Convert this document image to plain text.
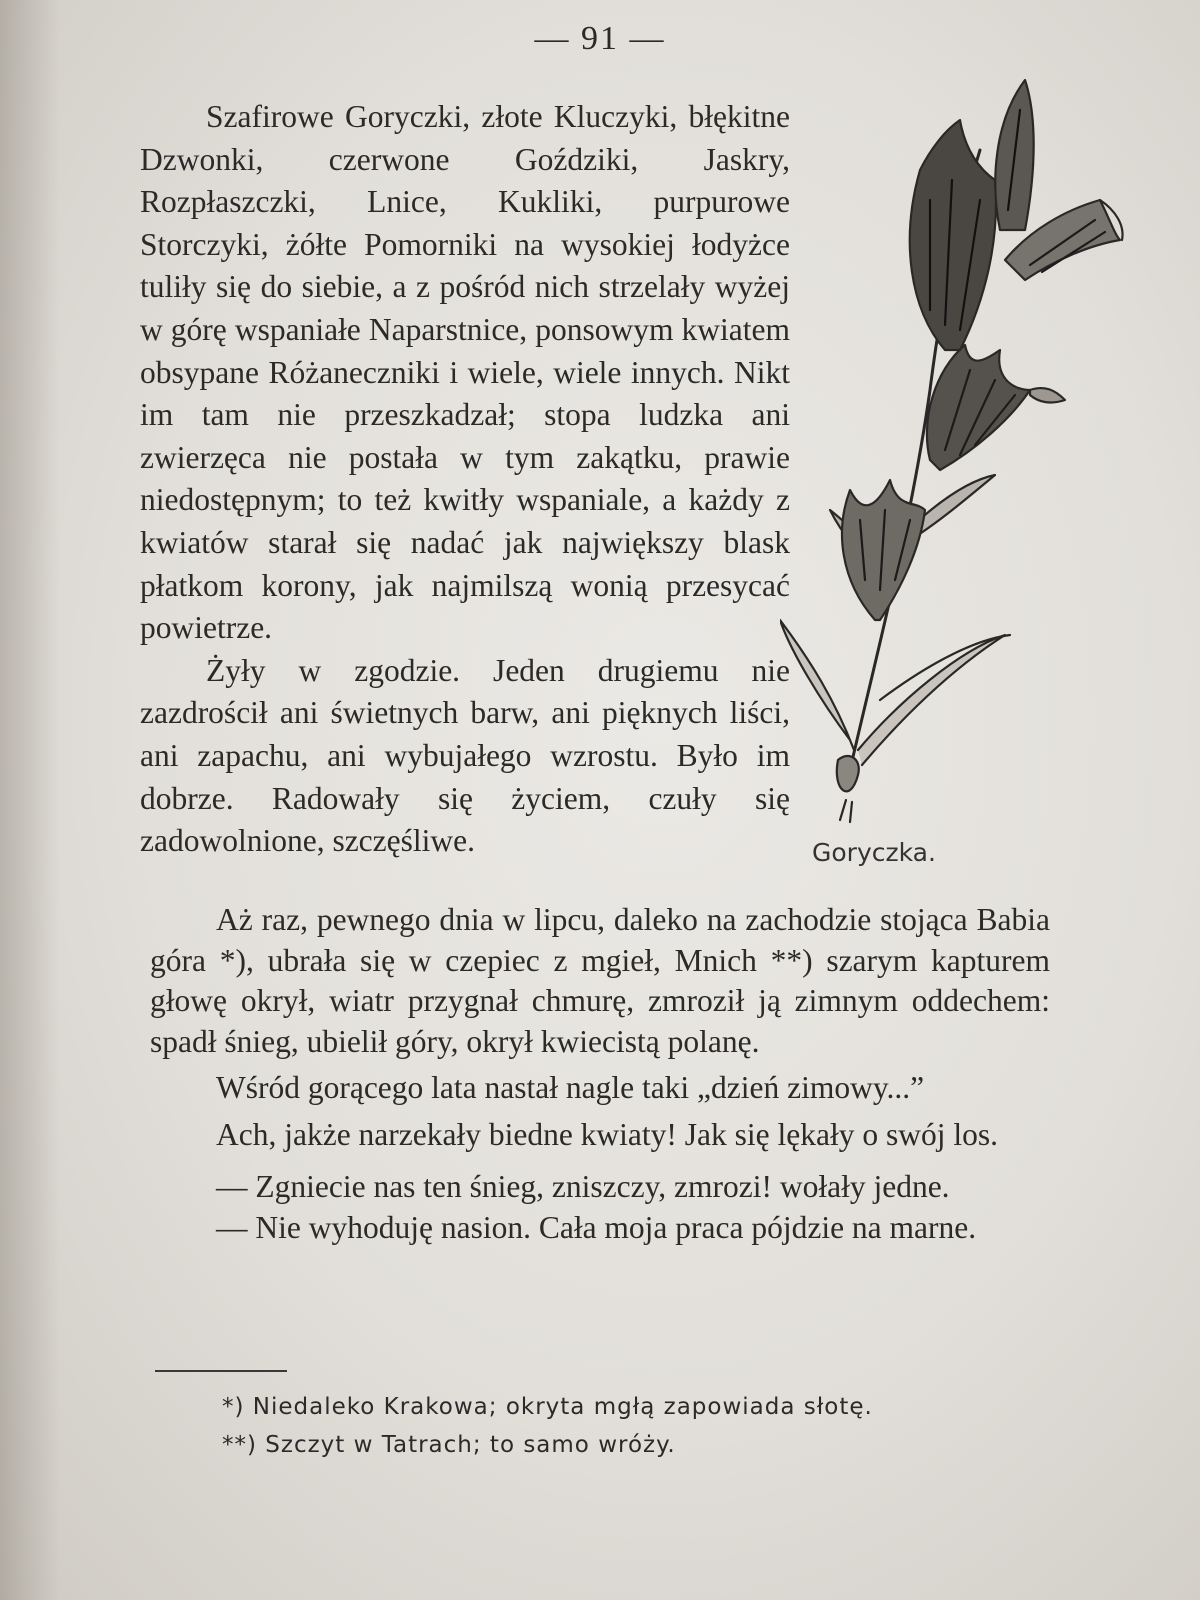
— 91 —

Szafirowe Goryczki, złote Kluczyki, błękitne Dzwonki, czerwone Goździki, Jaskry, Rozpłaszczki, Lnice, Kukliki, purpurowe Storczyki, żółte Pomorniki na wysokiej łodyżce tuliły się do siebie, a z pośród nich strzelały wyżej w górę wspaniałe Naparstnice, ponsowym kwiatem obsypane Różaneczniki i wiele, wiele innych. Nikt im tam nie przeszkadzał; stopa ludzka ani zwierzęca nie postała w tym zakątku, prawie niedostępnym; to też kwitły wspaniale, a każdy z kwiatów starał się nadać jak największy blask płatkom korony, jak najmilszą wonią przesycać powietrze.

Żyły w zgodzie. Jeden drugiemu nie zazdrościł ani świetnych barw, ani pięknych liści, ani zapachu, ani wybujałego wzrostu. Było im dobrze. Radowały się życiem, czuły się zadowolnione, szczęśliwe.	Goryczka.

Aż raz, pewnego dnia w lipcu, daleko na zachodzie stojąca Babia góra *), ubrała się w czepiec z mgieł, Mnich **) szarym kapturem głowę okrył, wiatr przygnał chmurę, zmroził ją zimnym oddechem: spadł śnieg, ubielił góry, okrył kwiecistą polanę.

Wśród gorącego lata nastał nagle taki „dzień zimowy...”

Ach, jakże narzekały biedne kwiaty! Jak się lękały o swój los.

— Zgniecie nas ten śnieg, zniszczy, zmrozi! wołały jedne.

— Nie wyhoduję nasion. Cała moja praca pójdzie na marne.

*) Niedaleko Krakowa; okryta mgłą zapowiada słotę.

**) Szczyt w Tatrach; to samo wróży.
